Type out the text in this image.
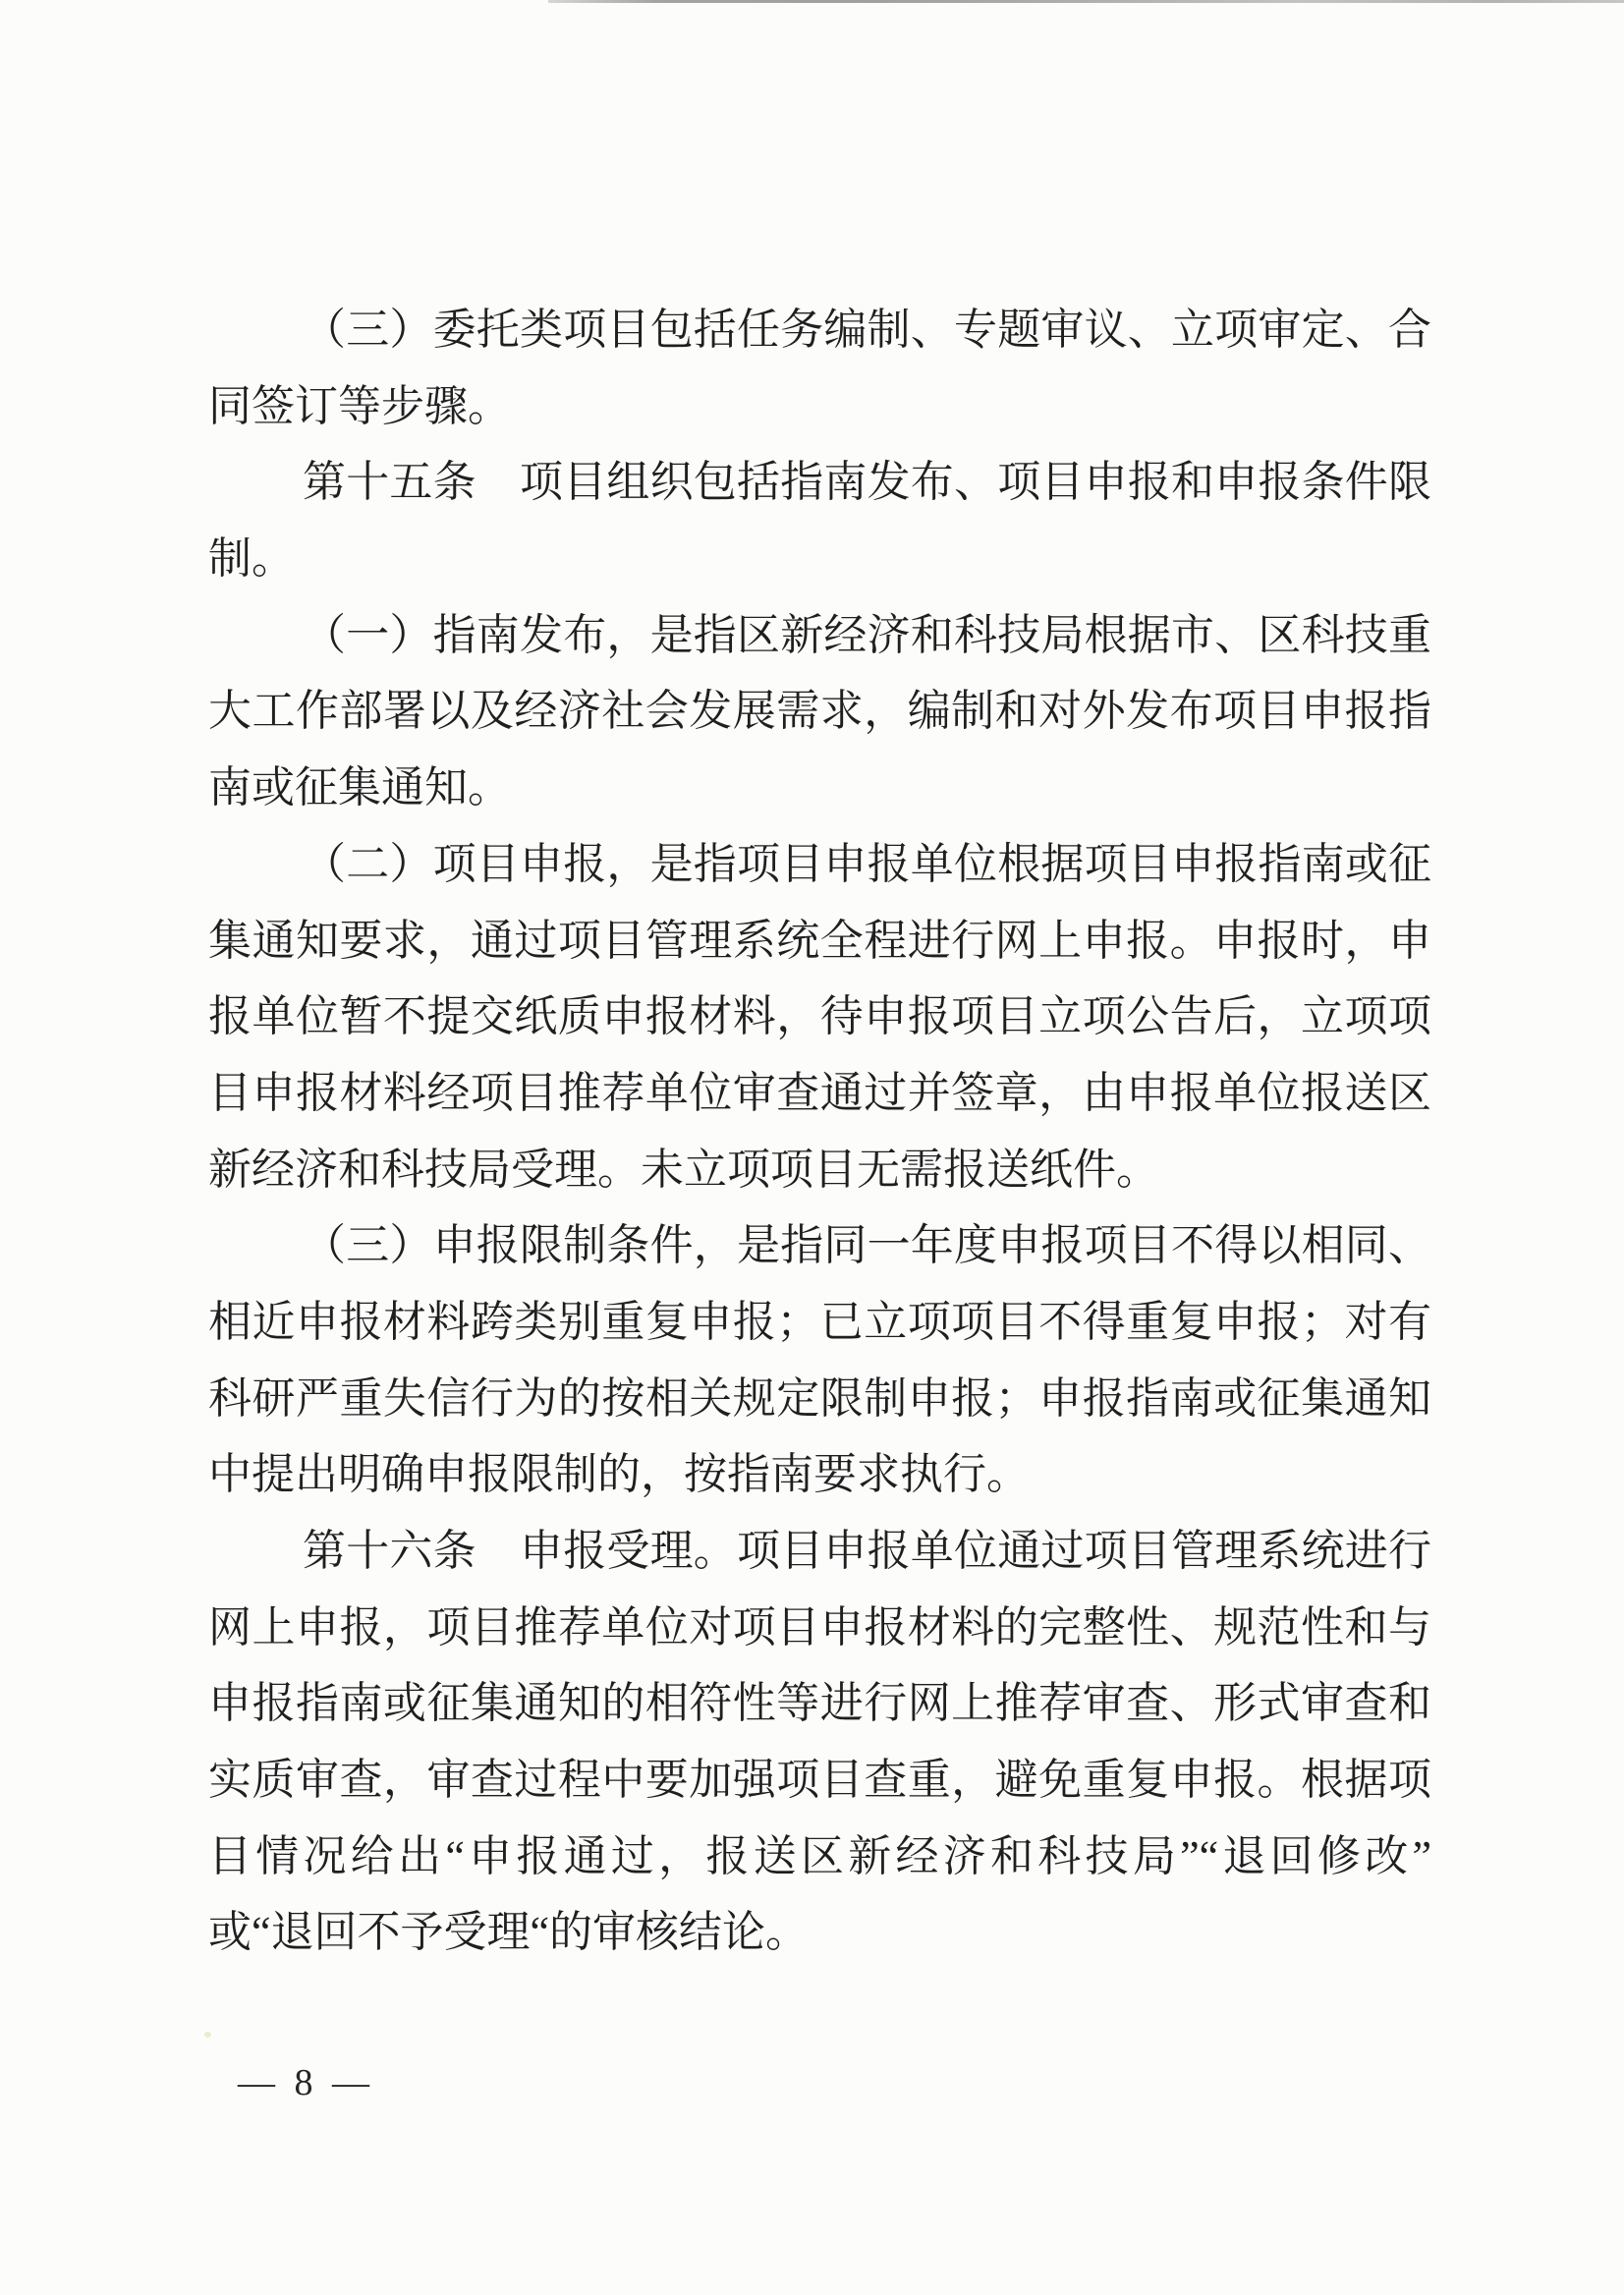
（三）委托类项目包括任务编制、专题审议、立项审定、合
同签订等步骤。
第十五条　项目组织包括指南发布、项目申报和申报条件限
制。
（一）指南发布，是指区新经济和科技局根据市、区科技重
大工作部署以及经济社会发展需求，编制和对外发布项目申报指
南或征集通知。
（二）项目申报，是指项目申报单位根据项目申报指南或征
集通知要求，通过项目管理系统全程进行网上申报。申报时，申
报单位暂不提交纸质申报材料，待申报项目立项公告后，立项项
目申报材料经项目推荐单位审查通过并签章，由申报单位报送区
新经济和科技局受理。未立项项目无需报送纸件。
（三）申报限制条件，是指同一年度申报项目不得以相同、
相近申报材料跨类别重复申报；已立项项目不得重复申报；对有
科研严重失信行为的按相关规定限制申报；申报指南或征集通知
中提出明确申报限制的，按指南要求执行。
第十六条　申报受理。项目申报单位通过项目管理系统进行
网上申报，项目推荐单位对项目申报材料的完整性、规范性和与
申报指南或征集通知的相符性等进行网上推荐审查、形式审查和
实质审查，审查过程中要加强项目查重，避免重复申报。根据项
目情况给出“申报通过，报送区新经济和科技局”“退回修改”
或“退回不予受理“的审核结论。
— 8 —
